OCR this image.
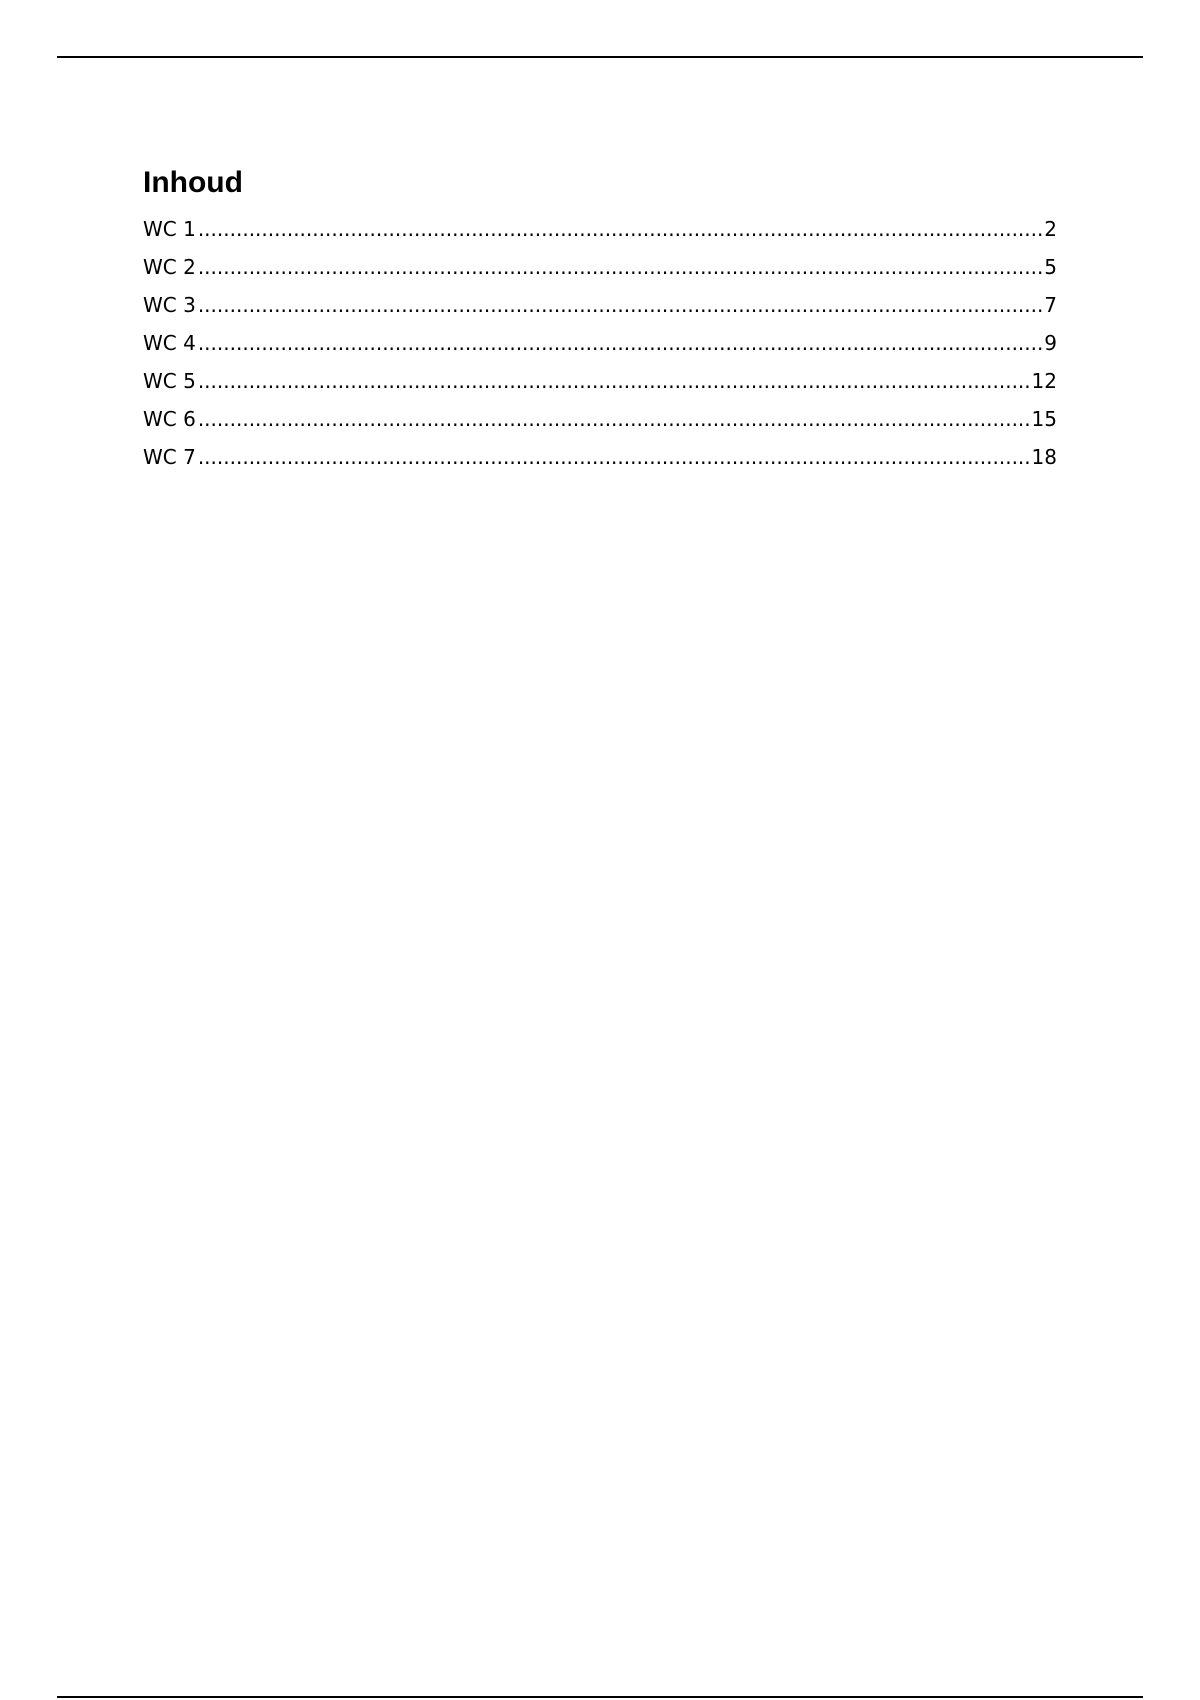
Inhoud
WC 1 .....	2
WC 2 .....	5
WC 3 .....	7
WC 4 .....	9
WC 5 .....	12
WC 6 .....	15
WC 7 .....	18
